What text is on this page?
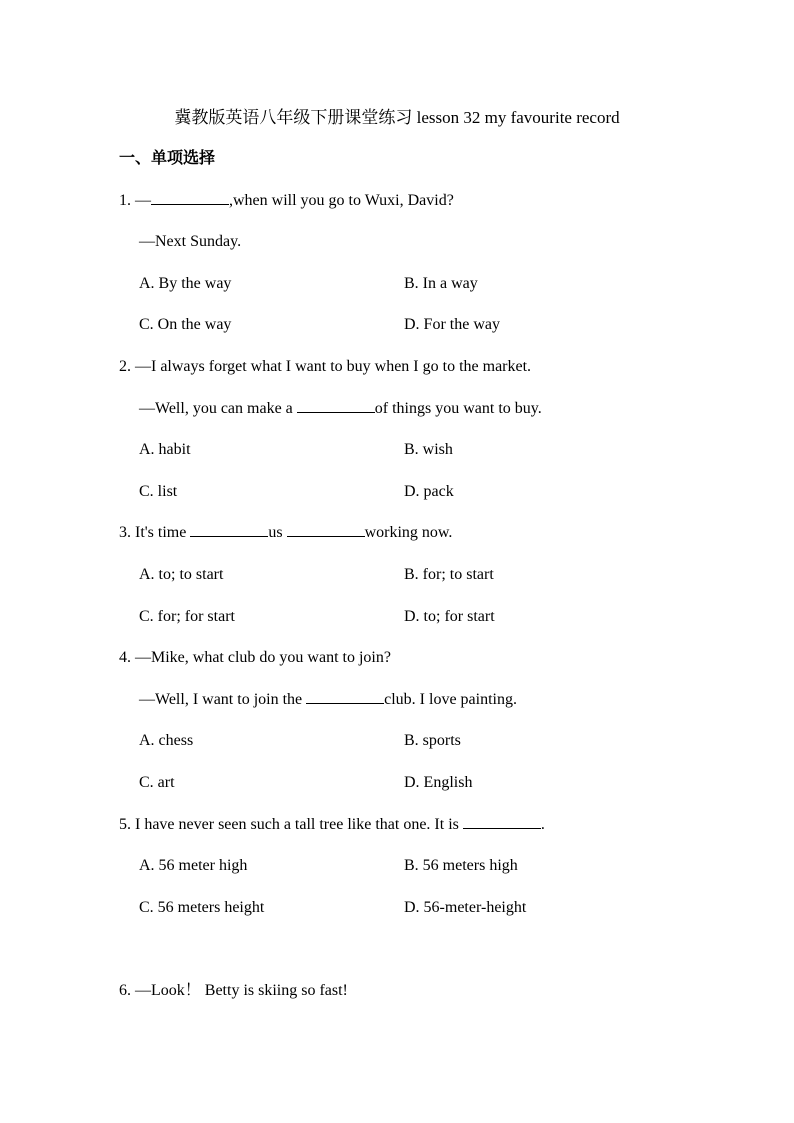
冀教版英语八年级下册课堂练习 lesson 32 my favourite record
一、单项选择
1. —	,when will you go to Wuxi, David?
—Next Sunday.
A. By the way	B. In a way
C. On the way	D. For the way
2. —I always forget what I want to buy when I go to the market.
—Well, you can make a	of things you want to buy.
A. habit	B. wish
C. list	D. pack
3. It's time	us	working now.
A. to; to start	B. for; to start
C. for; for start	D. to; for start
4. —Mike, what club do you want to join?
—Well, I want to join the	club. I love painting.
A. chess	B. sports
C. art	D. English
5. I have never seen such a tall tree like that one. It is	.
A. 56 meter high	B. 56 meters high
C. 56 meters height	D. 56-meter-height
6. —Look！ Betty is skiing so fast!
